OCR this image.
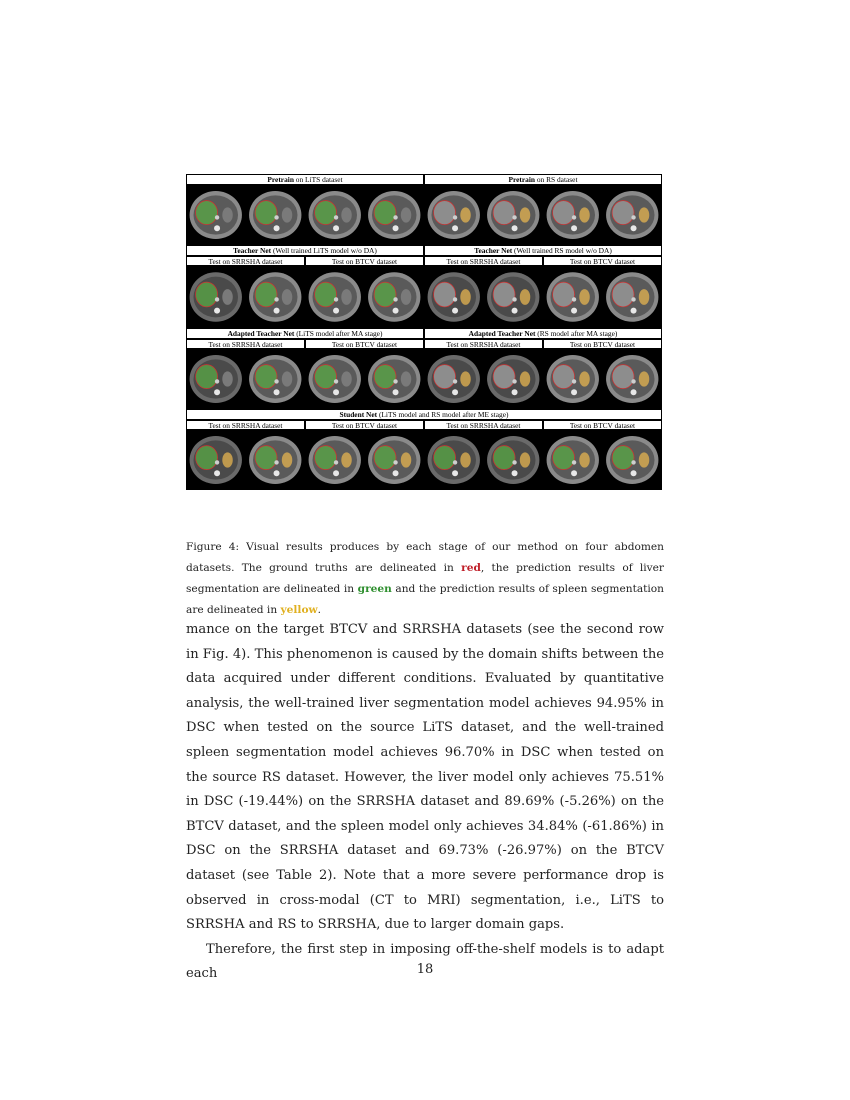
Pretrain on LiTS dataset	Pretrain on RS dataset
Teacher Net (Well trained LiTS model w/o DA)	Teacher Net (Well trained RS model w/o DA)
Test on SRRSHA dataset	Test on BTCV dataset	Test on SRRSHA dataset	Test on BTCV dataset
Adapted Teacher Net (LiTS model after MA stage)	Adapted Teacher Net (RS model after MA stage)
Test on SRRSHA dataset	Test on BTCV dataset	Test on SRRSHA dataset	Test on BTCV dataset
Student Net (LiTS model and RS model after ME stage)
Test on SRRSHA dataset	Test on BTCV dataset	Test on SRRSHA dataset	Test on BTCV dataset
Figure 4: Visual results produces by each stage of our method on four abdomen datasets. The ground truths are delineated in red, the prediction results of liver segmentation are delineated in green and the prediction results of spleen segmentation are delineated in yellow.

mance on the target BTCV and SRRSHA datasets (see the second row in Fig. 4). This phenomenon is caused by the domain shifts between the data acquired under different conditions. Evaluated by quantitative analysis, the well-trained liver segmentation model achieves 94.95% in DSC when tested on the source LiTS dataset, and the well-trained spleen segmentation model achieves 96.70% in DSC when tested on the source RS dataset. However, the liver model only achieves 75.51% in DSC (-19.44%) on the SRRSHA dataset and 89.69% (-5.26%) on the BTCV dataset, and the spleen model only achieves 34.84% (-61.86%) in DSC on the SRRSHA dataset and 69.73% (-26.97%) on the BTCV dataset (see Table 2). Note that a more severe performance drop is observed in cross-modal (CT to MRI) segmentation, i.e., LiTS to SRRSHA and RS to SRRSHA, due to larger domain gaps.

Therefore, the first step in imposing off-the-shelf models is to adapt each	18
